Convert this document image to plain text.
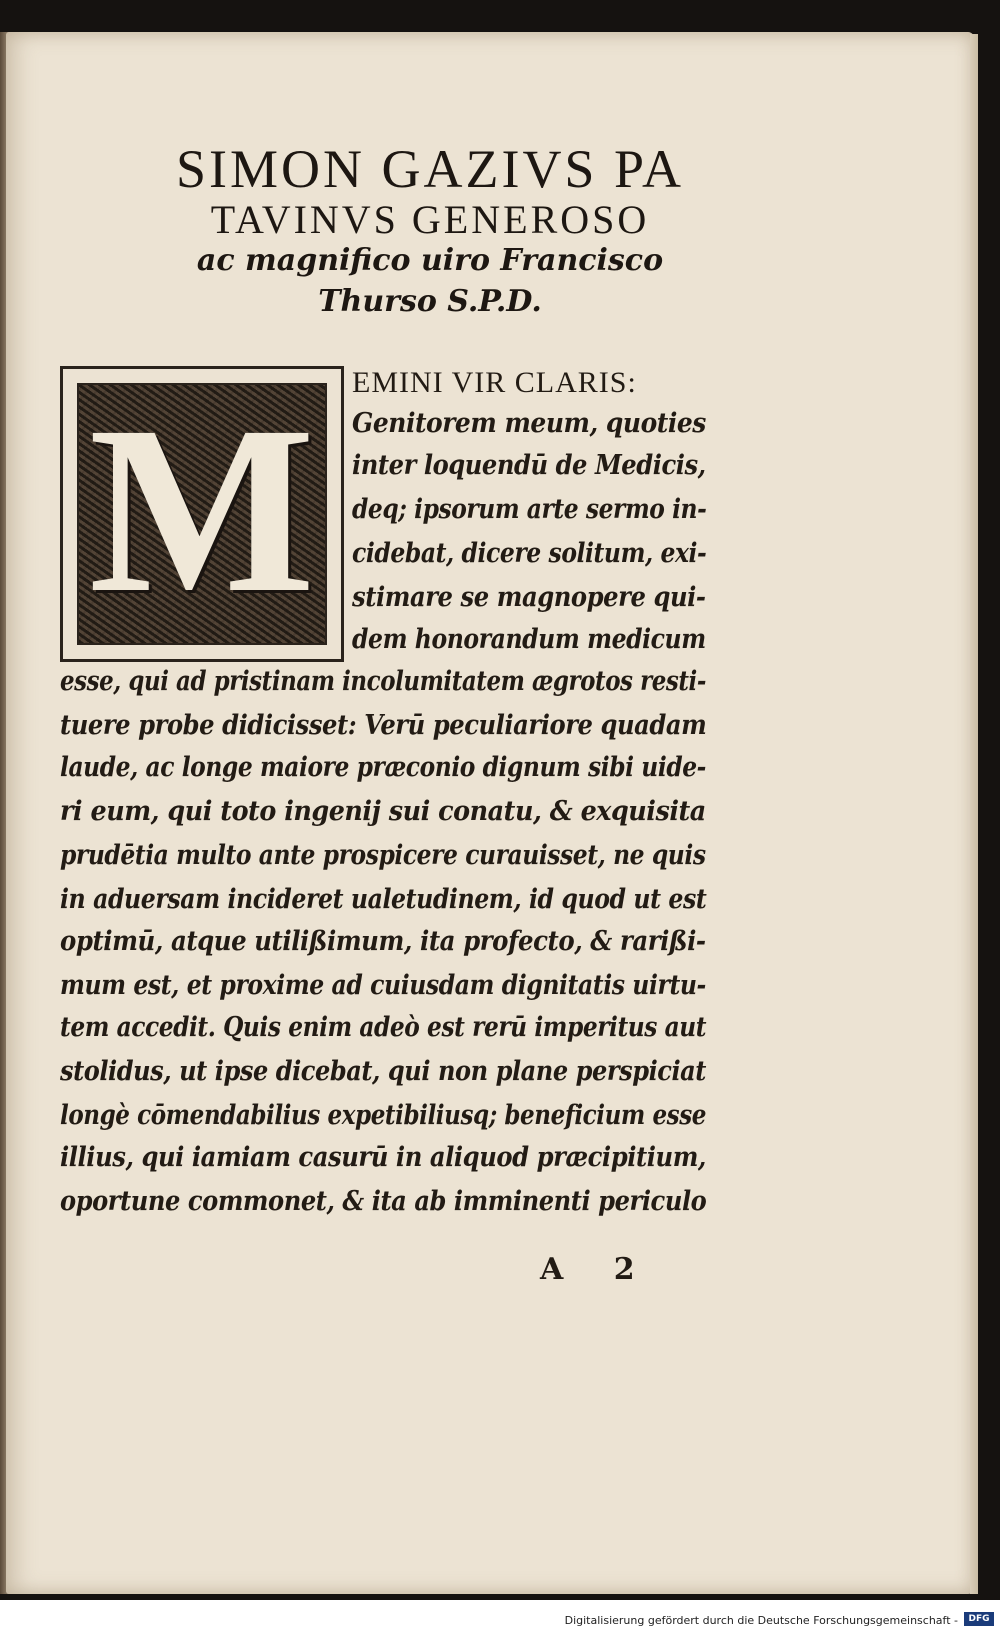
SIMON GAZIVS PA
TAVINVS GENEROSO
ac magnifico uiro Francisco
Thurso S.P.D.
M	EMINI VIR CLARIS:
Genitorem meum, quoties
inter loquendū de Medicis,
deq; ipsorum arte sermo in-
cidebat, dicere solitum, exi-
stimare se magnopere qui-
dem honorandum medicum
esse, qui ad pristinam incolumitatem ægrotos resti-
tuere probe didicisset: Verū peculiariore quadam
laude, ac longe maiore præconio dignum sibi uide-
ri eum, qui toto ingenij sui conatu, & exquisita
prudētia multo ante prospicere curauisset, ne quis
in aduersam incideret ualetudinem, id quod ut est
optimū, atque utilißimum, ita profecto, & rarißi-
mum est, et proxime ad cuiusdam dignitatis uirtu-
tem accedit. Quis enim adeò est rerū imperitus aut
stolidus, ut ipse dicebat, qui non plane perspiciat
longè cōmendabilius expetibiliusq; beneficium esse
illius, qui iamiam casurū in aliquod præcipitium,
oportune commonet, & ita ab imminenti periculo
A 2
Digitalisierung gefördert durch die Deutsche Forschungsgemeinschaft -	DFG
